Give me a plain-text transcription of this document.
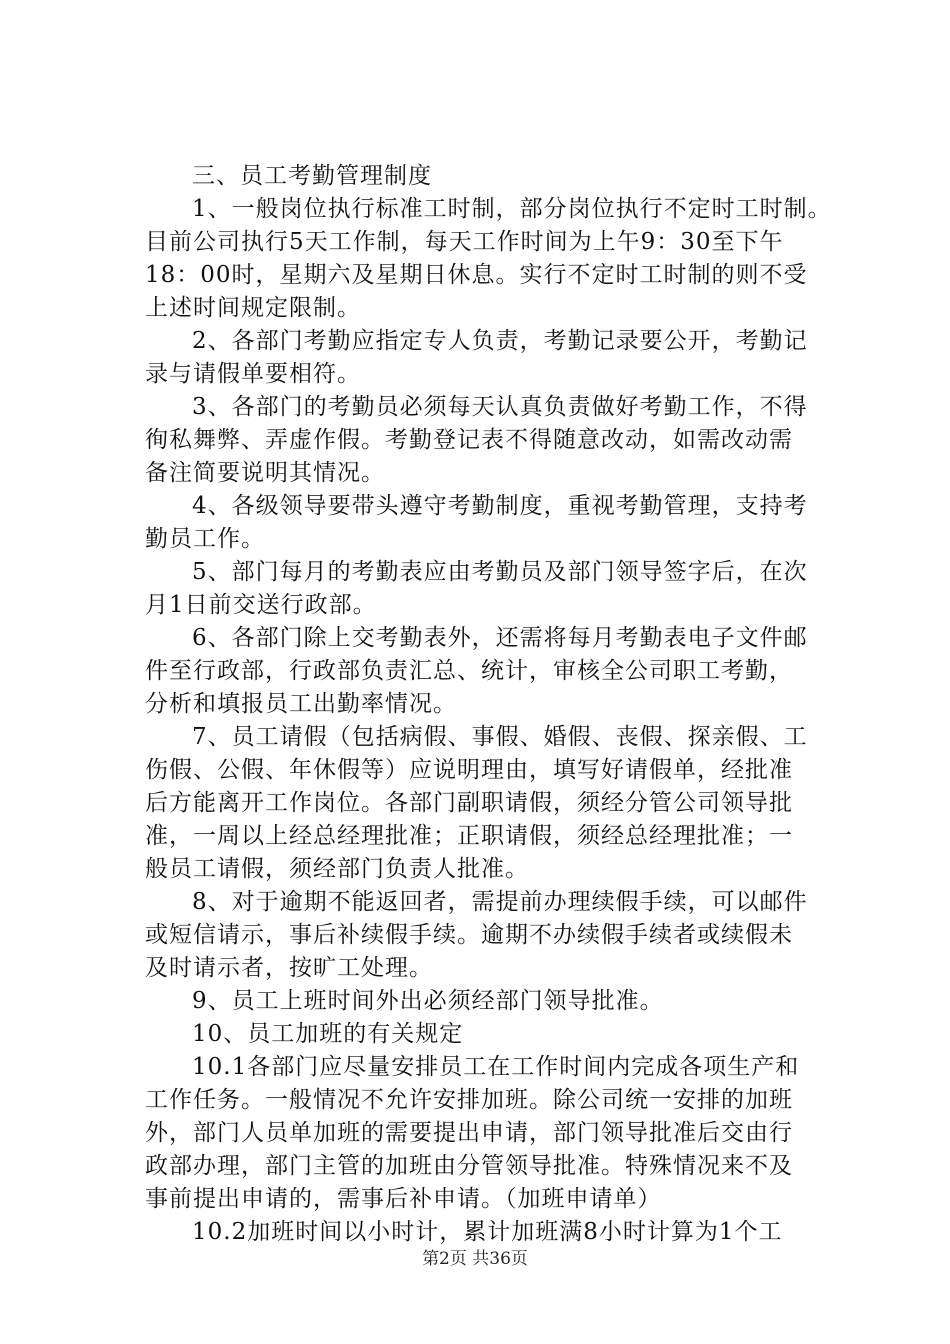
三、员工考勤管理制度
1、一般岗位执行标准工时制，部分岗位执行不定时工时制。
目前公司执行5天工作制，每天工作时间为上午9：30至下午
18：00时，星期六及星期日休息。实行不定时工时制的则不受
上述时间规定限制。
2、各部门考勤应指定专人负责，考勤记录要公开，考勤记
录与请假单要相符。
3、各部门的考勤员必须每天认真负责做好考勤工作，不得
徇私舞弊、弄虚作假。考勤登记表不得随意改动，如需改动需
备注简要说明其情况。
4、各级领导要带头遵守考勤制度，重视考勤管理，支持考
勤员工作。
5、部门每月的考勤表应由考勤员及部门领导签字后，在次
月1日前交送行政部。
6、各部门除上交考勤表外，还需将每月考勤表电子文件邮
件至行政部，行政部负责汇总、统计，审核全公司职工考勤，
分析和填报员工出勤率情况。
7、员工请假（包括病假、事假、婚假、丧假、探亲假、工
伤假、公假、年休假等）应说明理由，填写好请假单，经批准
后方能离开工作岗位。各部门副职请假，须经分管公司领导批
准，一周以上经总经理批准；正职请假，须经总经理批准；一
般员工请假，须经部门负责人批准。
8、对于逾期不能返回者，需提前办理续假手续，可以邮件
或短信请示，事后补续假手续。逾期不办续假手续者或续假未
及时请示者，按旷工处理。
9、员工上班时间外出必须经部门领导批准。
10、员工加班的有关规定
10.1各部门应尽量安排员工在工作时间内完成各项生产和
工作任务。一般情况不允许安排加班。除公司统一安排的加班
外，部门人员单加班的需要提出申请，部门领导批准后交由行
政部办理，部门主管的加班由分管领导批准。特殊情况来不及
事前提出申请的，需事后补申请。（加班申请单）
10.2加班时间以小时计，累计加班满8小时计算为1个工
第2页 共36页
